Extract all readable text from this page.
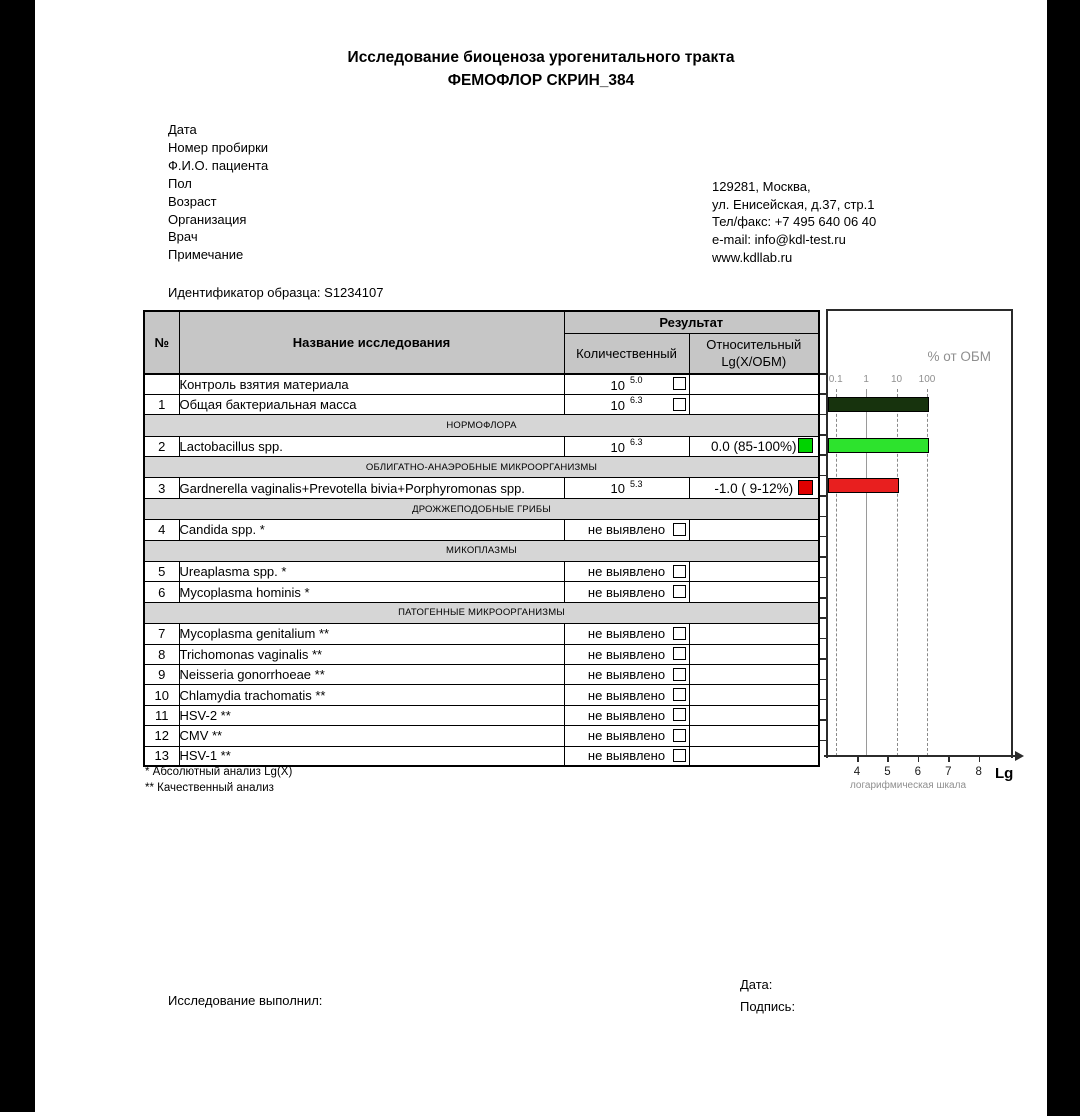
Исследование биоценоза урогенитального тракта
ФЕМОФЛОР СКРИН_384
Дата
Номер пробирки
Ф.И.О. пациента
Пол
Возраст
Организация
Врач
Примечание
129281, Москва,
ул. Енисейская, д.37, стр.1
Тел/факс: +7 495 640 06 40
e-mail: info@kdl-test.ru
www.kdllab.ru
Идентификатор образца: S1234107
№	Название исследования	Результат	
		Количественный	Относительный
Lg(X/ОБМ)
	Контроль взятия материала	10 $^{5.0}$

1	Общая бактериальная масса	10 $^{6.3}$

НОРМОФЛОРА			
2	Lactobacillus spp.	10 $^{6.3}$	0.0 (85-100%)

ОБЛИГАТНО-АНАЭРОБНЫЕ МИКРООРГАНИЗМЫ			
3	Gardnerella vaginalis+Prevotella bivia+Porphyromonas spp.	10 $^{5.3}$	-1.0 ( 9-12%)

ДРОЖЖЕПОДОБНЫЕ ГРИБЫ			
4	Candida spp. *	не выявлено

МИКОПЛАЗМЫ			
5	Ureaplasma spp. *	не выявлено

6	Mycoplasma hominis *	не выявлено

ПАТОГЕННЫЕ МИКРООРГАНИЗМЫ			
7	Mycoplasma genitalium **	не выявлено

8	Trichomonas vaginalis **	не выявлено

9	Neisseria gonorrhoeae **	не выявлено

10	Chlamydia trachomatis **	не выявлено

11	HSV-2 **	не выявлено

12	CMV **	не выявлено

13	HSV-1 **	не выявлено

* Абсолютный анализ Lg(X)
** Качественный анализ
% от ОБМ
0.1	1	10	100
Lg
логарифмическая шкала
Исследование выполнил:
Дата:
Подпись:
4	5	6	7	8
